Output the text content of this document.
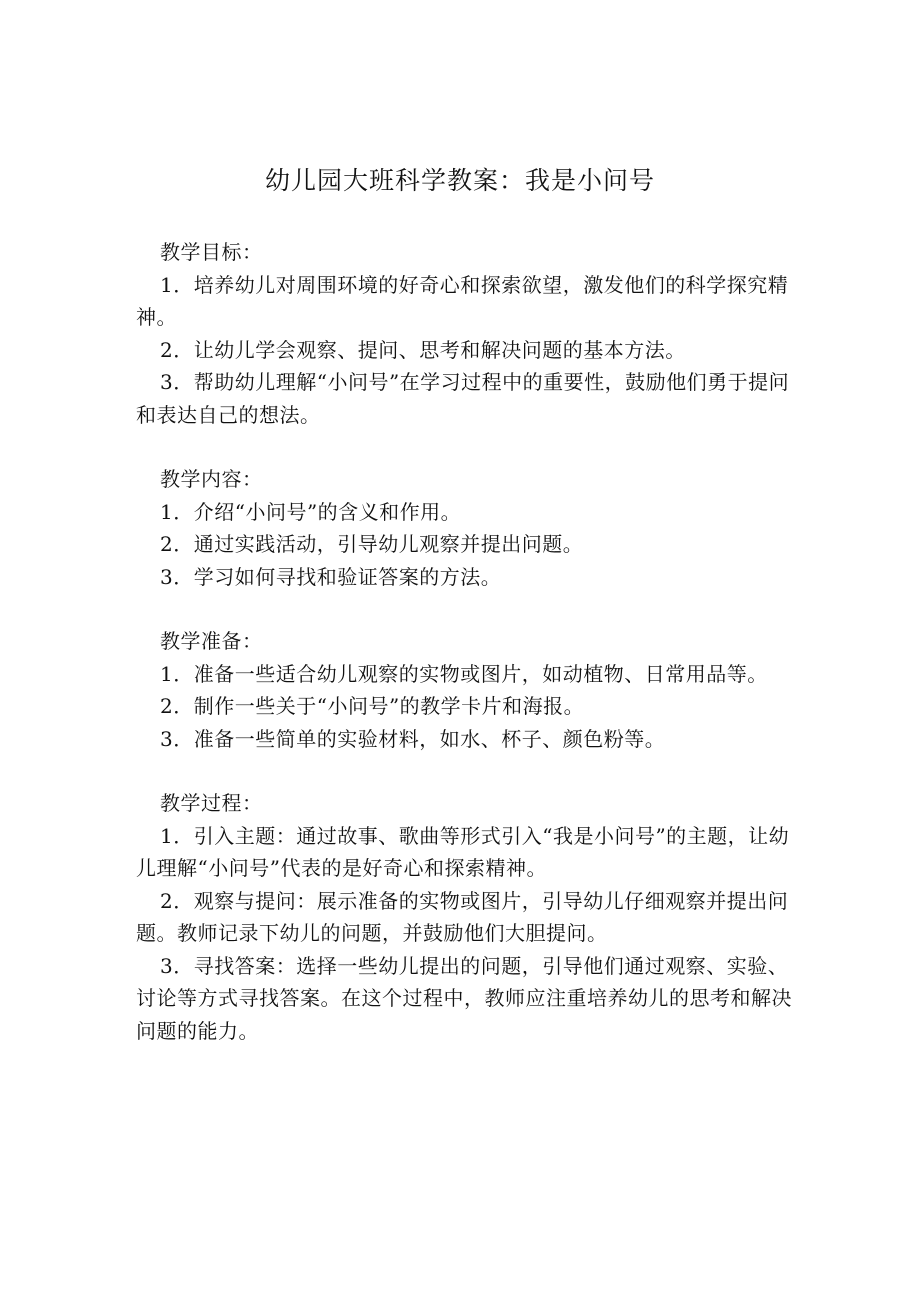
幼儿园大班科学教案：我是小问号
教学目标：
1．培养幼儿对周围环境的好奇心和探索欲望，激发他们的科学探究精神。
2．让幼儿学会观察、提问、思考和解决问题的基本方法。
3．帮助幼儿理解“小问号”在学习过程中的重要性，鼓励他们勇于提问和表达自己的想法。
教学内容：
1．介绍“小问号”的含义和作用。
2．通过实践活动，引导幼儿观察并提出问题。
3．学习如何寻找和验证答案的方法。
教学准备：
1．准备一些适合幼儿观察的实物或图片，如动植物、日常用品等。
2．制作一些关于“小问号”的教学卡片和海报。
3．准备一些简单的实验材料，如水、杯子、颜色粉等。
教学过程：
1．引入主题：通过故事、歌曲等形式引入“我是小问号”的主题，让幼儿理解“小问号”代表的是好奇心和探索精神。
2．观察与提问：展示准备的实物或图片，引导幼儿仔细观察并提出问题。教师记录下幼儿的问题，并鼓励他们大胆提问。
3．寻找答案：选择一些幼儿提出的问题，引导他们通过观察、实验、讨论等方式寻找答案。在这个过程中，教师应注重培养幼儿的思考和解决问题的能力。
